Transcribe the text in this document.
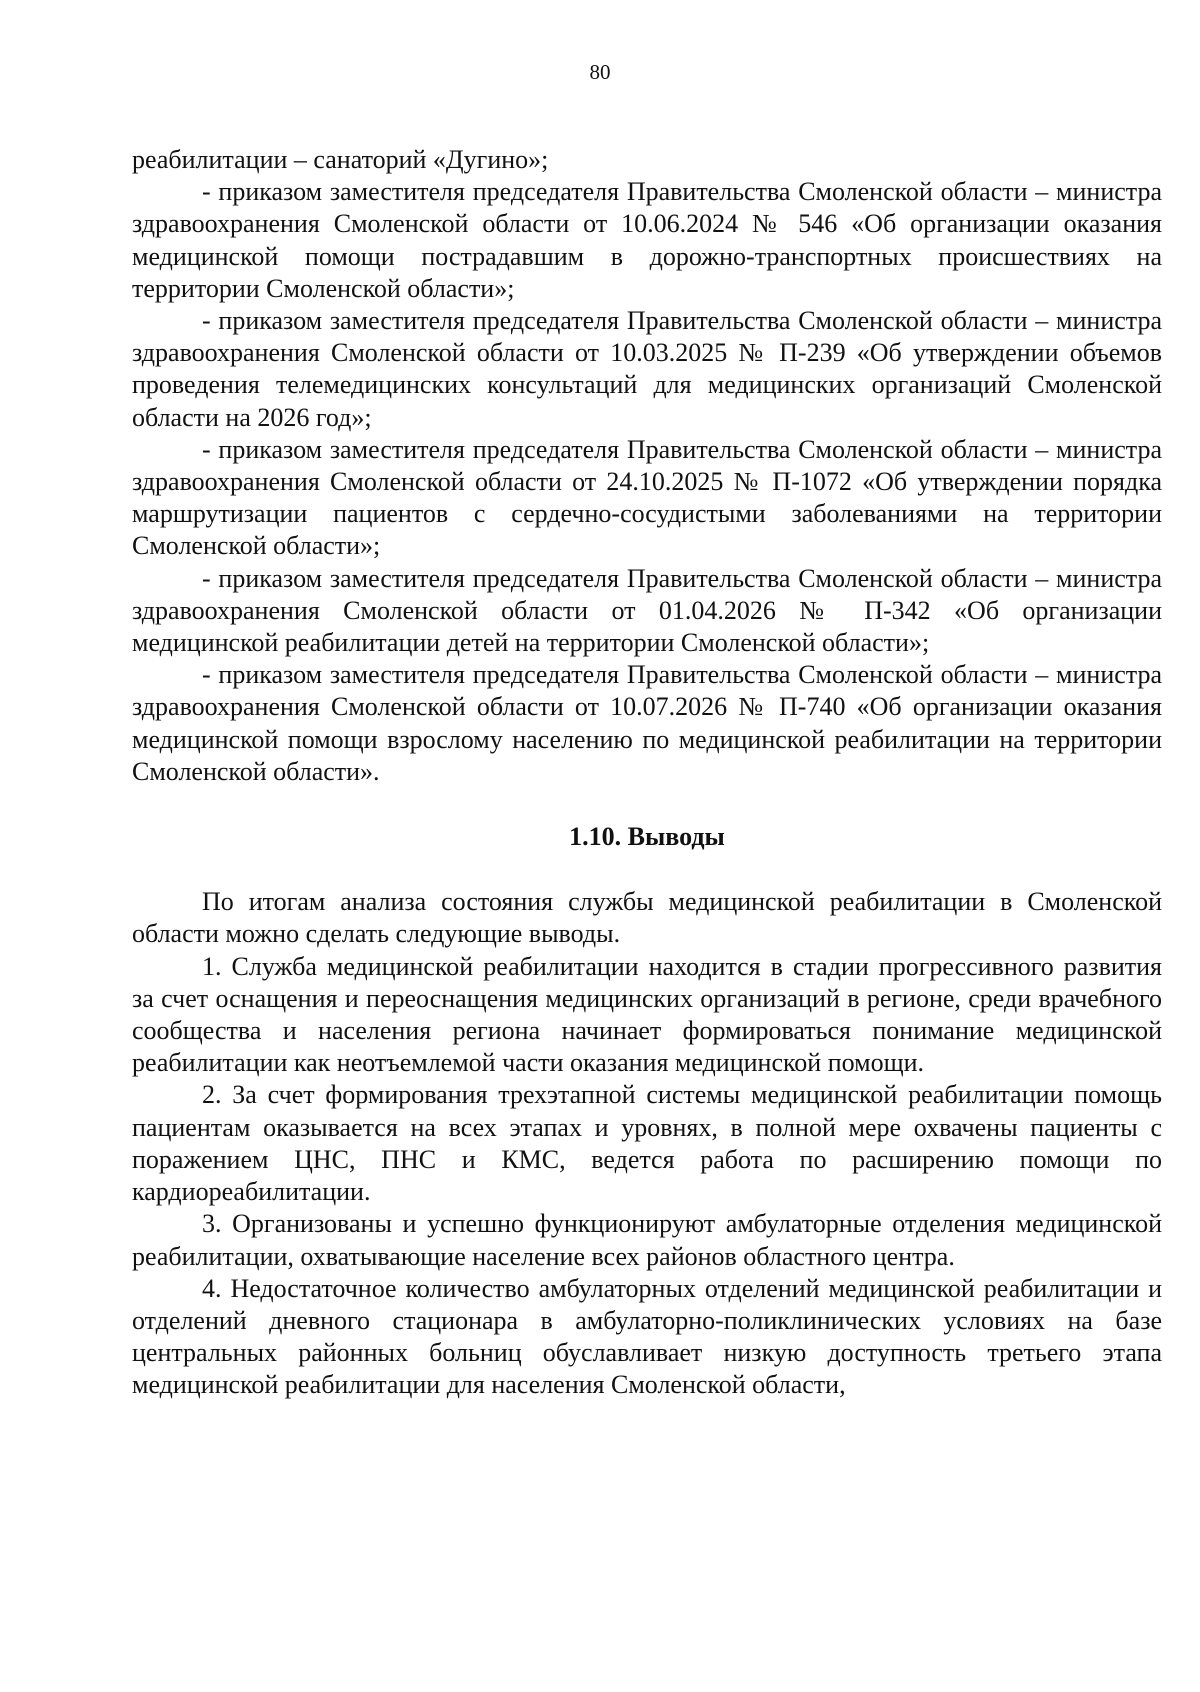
80

реабилитации – санаторий «Дугино»;

- приказом заместителя председателя Правительства Смоленской области – министра здравоохранения Смоленской области от 10.06.2024 № 546 «Об организации оказания медицинской помощи пострадавшим в дорожно-транспортных происшествиях на территории Смоленской области»;

- приказом заместителя председателя Правительства Смоленской области – министра здравоохранения Смоленской области от 10.03.2025 № П-239 «Об утверждении объемов проведения телемедицинских консультаций для медицинских организаций Смоленской области на 2026 год»;

- приказом заместителя председателя Правительства Смоленской области – министра здравоохранения Смоленской области от 24.10.2025 № П-1072 «Об утверждении порядка маршрутизации пациентов с сердечно-сосудистыми заболеваниями на территории Смоленской области»;

- приказом заместителя председателя Правительства Смоленской области – министра здравоохранения Смоленской области от 01.04.2026 № П-342 «Об организации медицинской реабилитации детей на территории Смоленской области»;

- приказом заместителя председателя Правительства Смоленской области – министра здравоохранения Смоленской области от 10.07.2026 № П-740 «Об организации оказания медицинской помощи взрослому населению по медицинской реабилитации на территории Смоленской области».

1.10. Выводы

По итогам анализа состояния службы медицинской реабилитации в Смоленской области можно сделать следующие выводы.

1. Служба медицинской реабилитации находится в стадии прогрессивного развития за счет оснащения и переоснащения медицинских организаций в регионе, среди врачебного сообщества и населения региона начинает формироваться понимание медицинской реабилитации как неотъемлемой части оказания медицинской помощи.

2. За счет формирования трехэтапной системы медицинской реабилитации помощь пациентам оказывается на всех этапах и уровнях, в полной мере охвачены пациенты с поражением ЦНС, ПНС и КМС, ведется работа по расширению помощи по кардиореабилитации.

3. Организованы и успешно функционируют амбулаторные отделения медицинской реабилитации, охватывающие население всех районов областного центра.

4. Недостаточное количество амбулаторных отделений медицинской реабилитации и отделений дневного стационара в амбулаторно-поликлинических условиях на базе центральных районных больниц обуславливает низкую доступность третьего этапа медицинской реабилитации для населения Смоленской области,
